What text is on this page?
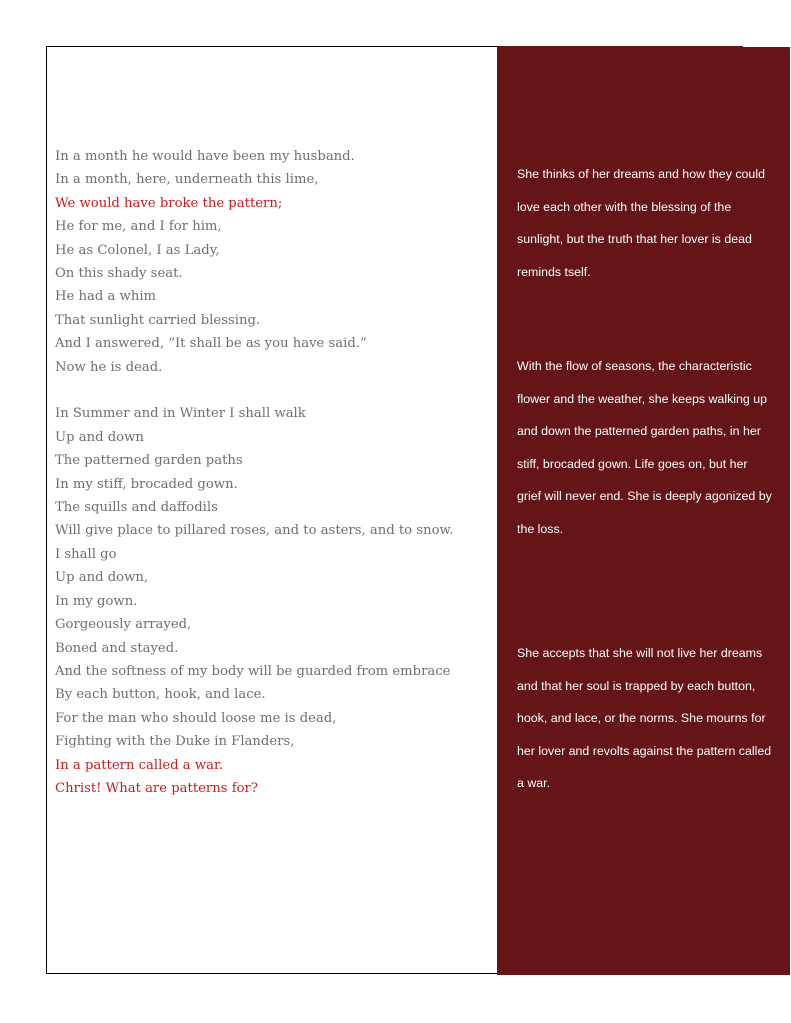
In a month he would have been my husband.
In a month, here, underneath this lime,
We would have broke the pattern;
He for me, and I for him,
He as Colonel, I as Lady,
On this shady seat.
He had a whim
That sunlight carried blessing.
And I answered, “It shall be as you have said.”
Now he is dead.
In Summer and in Winter I shall walk
Up and down
The patterned garden paths
In my stiff, brocaded gown.
The squills and daffodils
Will give place to pillared roses, and to asters, and to snow.
I shall go
Up and down,
In my gown.
Gorgeously arrayed,
Boned and stayed.
And the softness of my body will be guarded from embrace
By each button, hook, and lace.
For the man who should loose me is dead,
Fighting with the Duke in Flanders,
In a pattern called a war.
Christ! What are patterns for?

She thinks of her dreams and how they could love each other with the blessing of the sunlight, but the truth that her lover is dead reminds tself.

With the flow of seasons, the characteristic flower and the weather, she keeps walking up and down the patterned garden paths, in her stiff, brocaded gown. Life goes on, but her grief will never end. She is deeply agonized by the loss.

She accepts that she will not live her dreams and that her soul is trapped by each button, hook, and lace, or the norms. She mourns for her lover and revolts against the pattern called a war.
